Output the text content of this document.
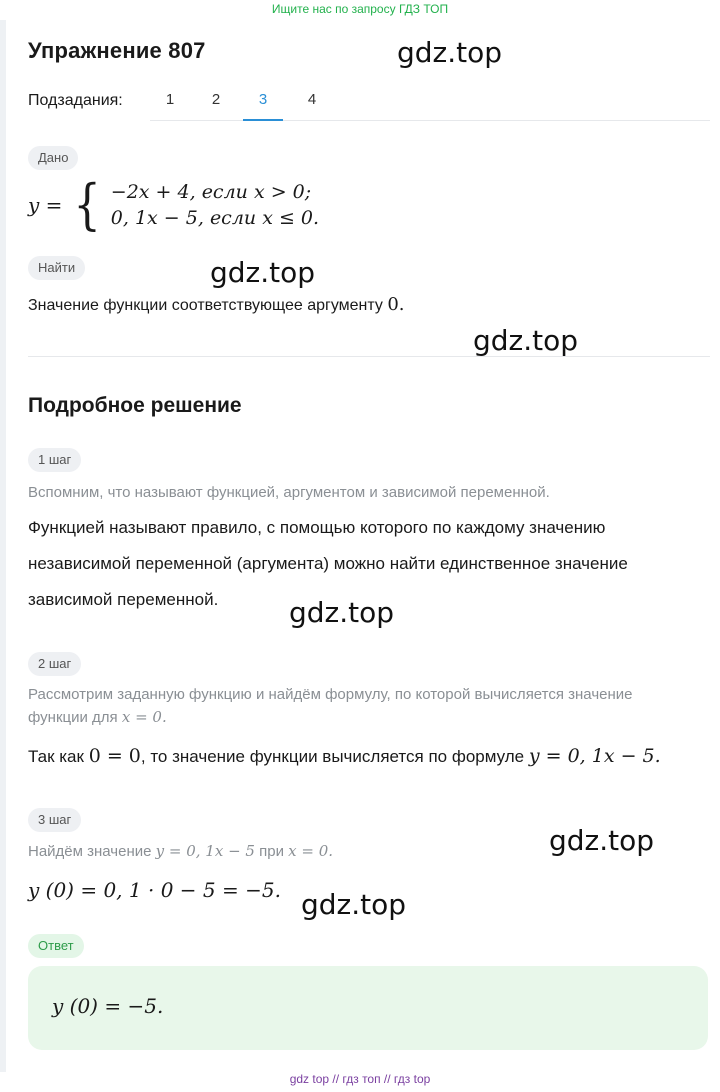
Ищите нас по запросу ГДЗ ТОП
Упражнение 807
Подзадания:	1	2	3	4
Дано
y = { −2x + 4, если x > 0;
0, 1x − 5, если x ≤ 0.
Найти
Значение функции соответствующее аргументу 0.
Подробное решение
1 шаг
Вспомним, что называют функцией, аргументом и зависимой переменной.
Функцией называют правило, с помощью которого по каждому значению
независимой переменной (аргумента) можно найти единственное значение
зависимой переменной.
2 шаг
Рассмотрим заданную функцию и найдём формулу, по которой вычисляется значение
функции для x = 0.
Так как 0 = 0, то значение функции вычисляется по формуле y = 0, 1x − 5.
3 шаг
Найдём значение y = 0, 1x − 5 при x = 0.
y (0) = 0, 1 · 0 − 5 = −5.
Ответ
y (0) = −5.
gdz.top
gdz.top
gdz.top
gdz.top
gdz.top
gdz.top
gdz top // гдз топ // гдз top
